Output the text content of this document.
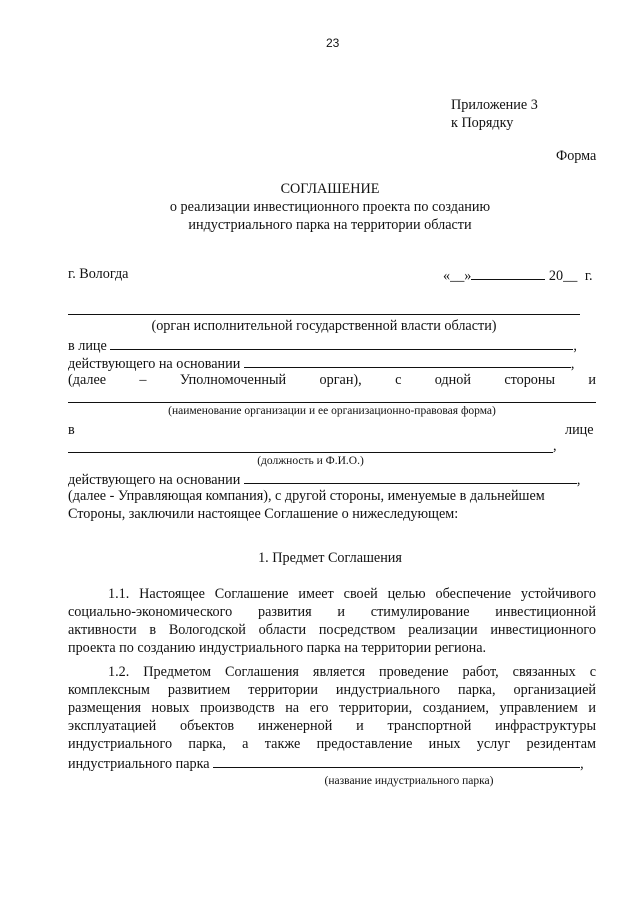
23
Приложение 3
к Порядку
Форма
СОГЛАШЕНИЕ
о реализации инвестиционного проекта по созданию
индустриального парка на территории области
г. Вологда	«__»	20__ г.
(орган исполнительной государственной власти области)
в лице	,
действующего на основании	,
(далее – Уполномоченный орган), с одной стороны и
(наименование организации и ее организационно-правовая форма)
в	лице
,
(должность и Ф.И.О.)
действующего на основании	,
(далее - Управляющая компания), с другой стороны, именуемые в дальнейшем
Стороны, заключили настоящее Соглашение о нижеследующем:
1. Предмет Соглашения
1.1. Настоящее Соглашение имеет своей целью обеспечение устойчивого
социально-экономического развития и стимулирование инвестиционной
активности в Вологодской области посредством реализации инвестиционного
проекта по созданию индустриального парка на территории региона.
1.2. Предметом Соглашения является проведение работ, связанных с
комплексным развитием территории индустриального парка, организацией
размещения новых производств на его территории, созданием, управлением и
эксплуатацией объектов инженерной и транспортной инфраструктуры
индустриального парка, а также предоставление иных услуг резидентам
индустриального парка	,
(название индустриального парка)
